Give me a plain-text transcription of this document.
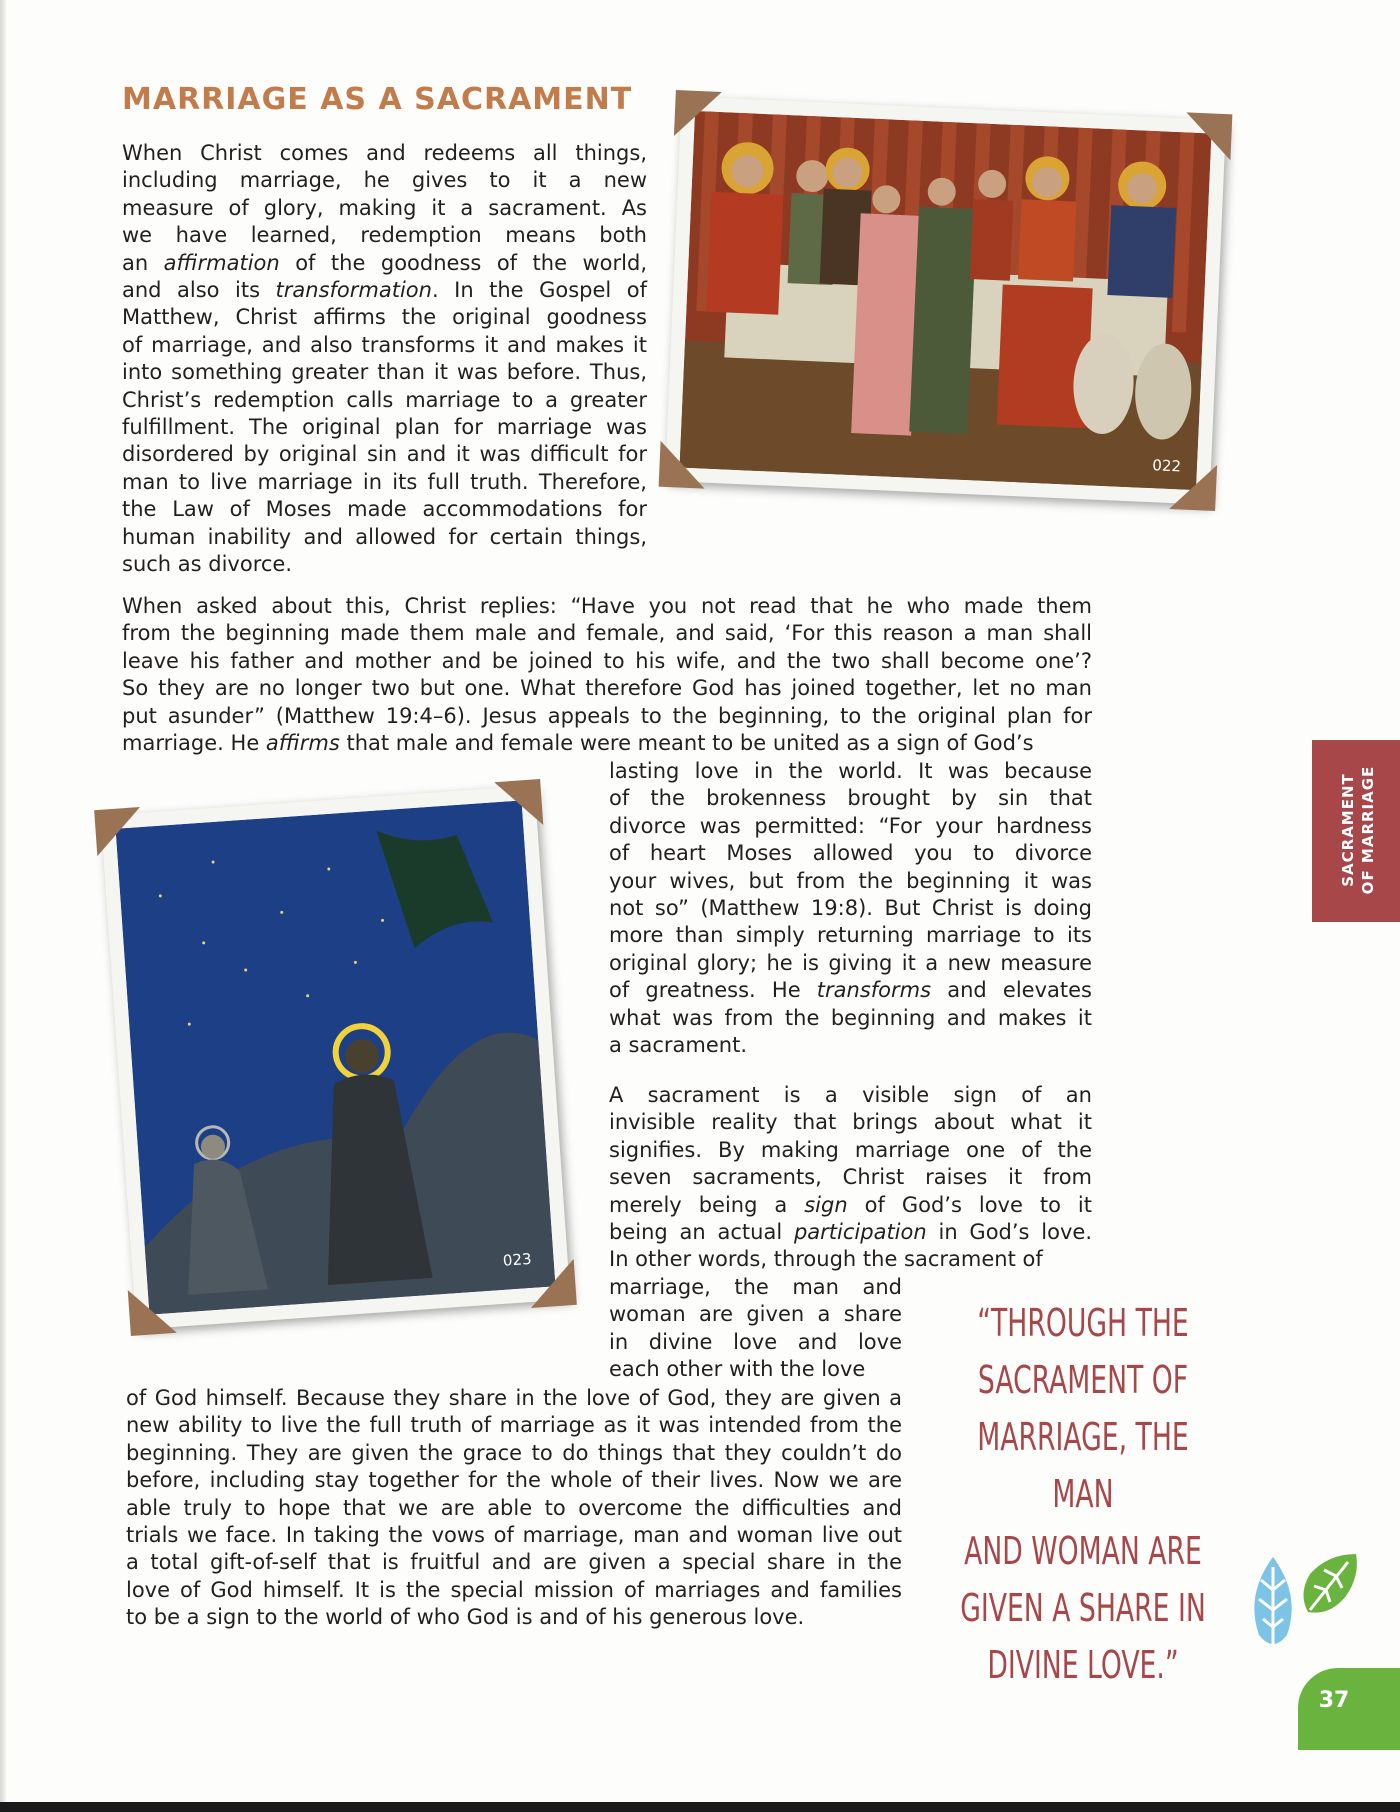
MARRIAGE AS A SACRAMENT
When Christ comes and redeems all things,
including marriage, he gives to it a new
measure of glory, making it a sacrament. As
we have learned, redemption means both
an affirmation of the goodness of the world,
and also its transformation. In the Gospel of
Matthew, Christ affirms the original goodness
of marriage, and also transforms it and makes it
into something greater than it was before. Thus,
Christ’s redemption calls marriage to a greater
fulfillment. The original plan for marriage was
disordered by original sin and it was difficult for
man to live marriage in its full truth. Therefore,
the Law of Moses made accommodations for
human inability and allowed for certain things,
such as divorce.
022
When asked about this, Christ replies: “Have you not read that he who made them
from the beginning made them male and female, and said, ‘For this reason a man shall
leave his father and mother and be joined to his wife, and the two shall become one’?
So they are no longer two but one. What therefore God has joined together, let no man
put asunder” (Matthew 19:4–6). Jesus appeals to the beginning, to the original plan for
marriage. He affirms that male and female were meant to be united as a sign of God’s
023
lasting love in the world. It was because
of the brokenness brought by sin that
divorce was permitted: “For your hardness
of heart Moses allowed you to divorce
your wives, but from the beginning it was
not so” (Matthew 19:8). But Christ is doing
more than simply returning marriage to its
original glory; he is giving it a new measure
of greatness. He transforms and elevates
what was from the beginning and makes it
a sacrament.
A sacrament is a visible sign of an
invisible reality that brings about what it
signifies. By making marriage one of the
seven sacraments, Christ raises it from
merely being a sign of God’s love to it
being an actual participation in God’s love.
In other words, through the sacrament of
marriage, the man and
woman are given a share
in divine love and love
each other with the love
of God himself. Because they share in the love of God, they are given a
new ability to live the full truth of marriage as it was intended from the
beginning. They are given the grace to do things that they couldn’t do
before, including stay together for the whole of their lives. Now we are
able truly to hope that we are able to overcome the difficulties and
trials we face. In taking the vows of marriage, man and woman live out
a total gift-of-self that is fruitful and are given a special share in the
love of God himself. It is the special mission of marriages and families
to be a sign to the world of who God is and of his generous love.
SACRAMENT OF MARRIAGE
“THROUGH THE
SACRAMENT OF
MARRIAGE, THE MAN
AND WOMAN ARE
GIVEN A SHARE IN
DIVINE LOVE.”
37
